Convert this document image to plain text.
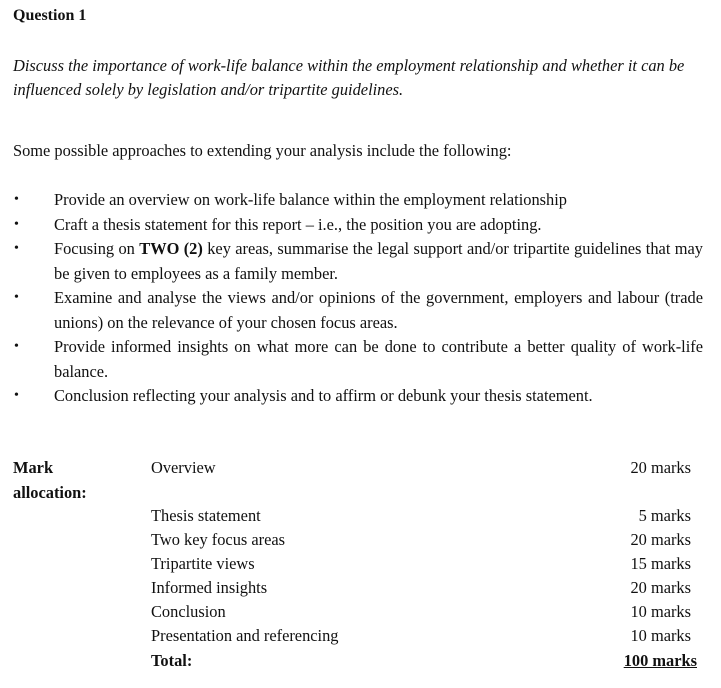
Question 1
Discuss the importance of work-life balance within the employment relationship and whether it can be influenced solely by legislation and/or tripartite guidelines.
Some possible approaches to extending your analysis include the following:
• Provide an overview on work-life balance within the employment relationship
• Craft a thesis statement for this report – i.e., the position you are adopting.
• Focusing on TWO (2) key areas, summarise the legal support and/or tripartite guidelines that may be given to employees as a family member.
• Examine and analyse the views and/or opinions of the government, employers and labour (trade unions) on the relevance of your chosen focus areas.
• Provide informed insights on what more can be done to contribute a better quality of work-life balance.
• Conclusion reflecting your analysis and to affirm or debunk your thesis statement.
Mark
allocation:
Overview	20 marks
Thesis statement	5 marks
Two key focus areas	20 marks
Tripartite views	15 marks
Informed insights	20 marks
Conclusion	10 marks
Presentation and referencing	10 marks
Total:	100 marks
